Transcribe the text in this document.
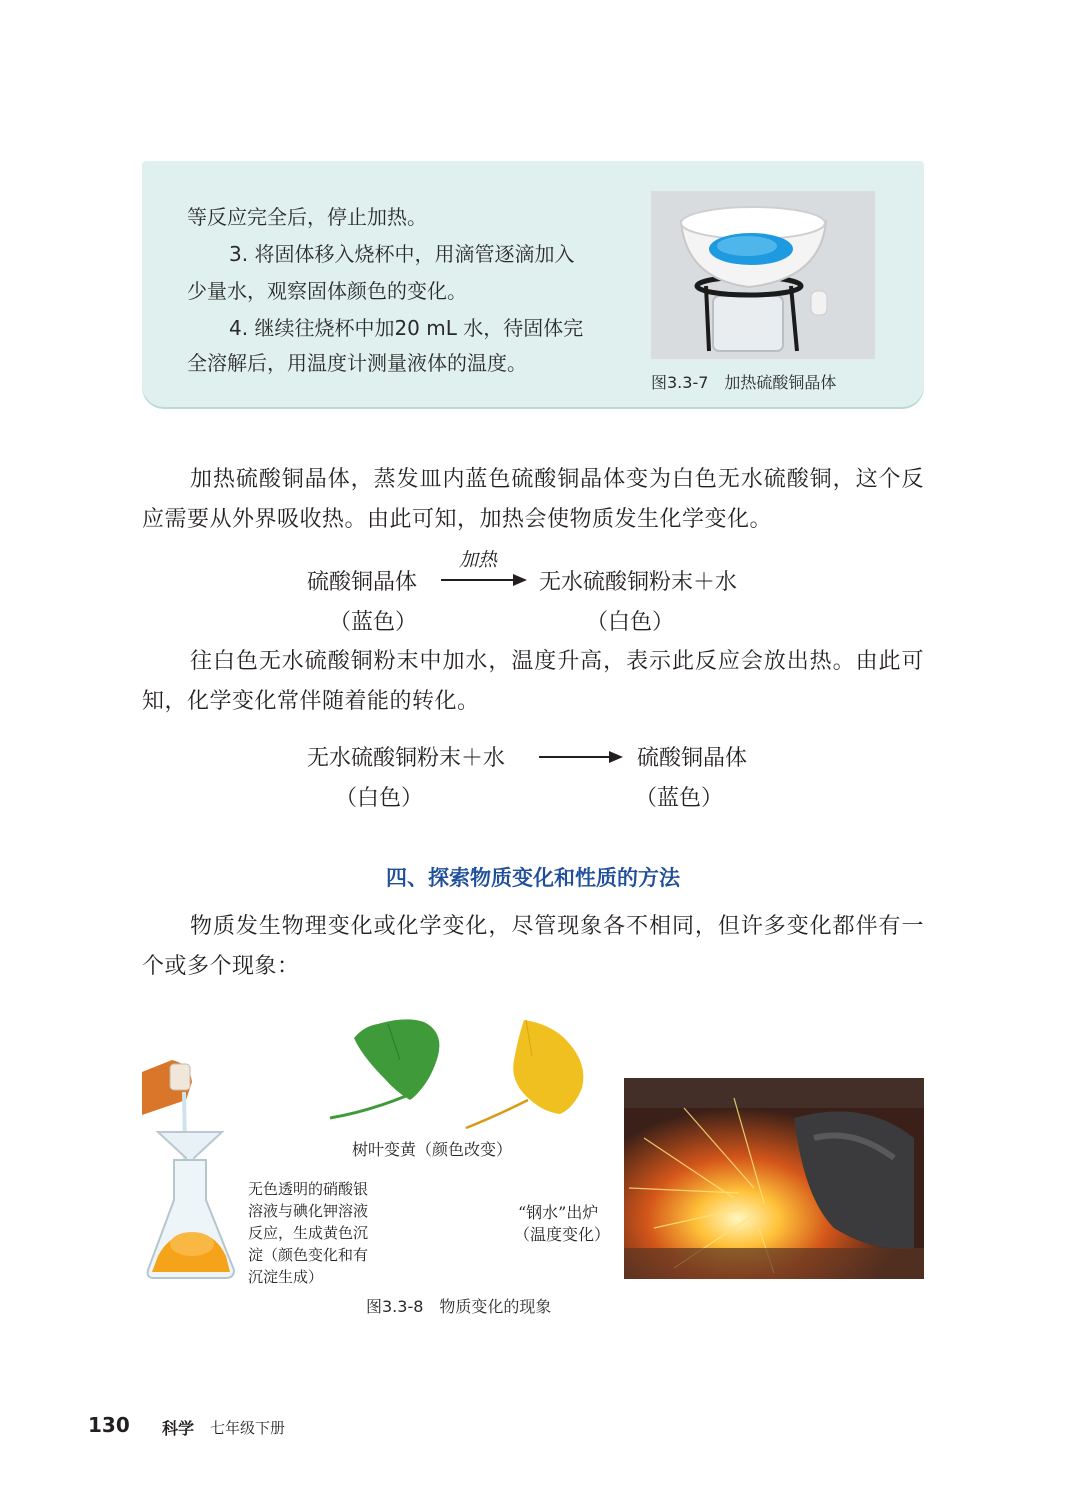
等反应完全后，停止加热。
3. 将固体移入烧杯中，用滴管逐滴加入
少量水，观察固体颜色的变化。
4. 继续往烧杯中加20 mL 水，待固体完
全溶解后，用温度计测量液体的温度。
图3.3-7　加热硫酸铜晶体
加热硫酸铜晶体，蒸发皿内蓝色硫酸铜晶体变为白色无水硫酸铜，这个反应需要从外界吸收热。由此可知，加热会使物质发生化学变化。
硫酸铜晶体
加热
无水硫酸铜粉末＋水
（蓝色）	（白色）
往白色无水硫酸铜粉末中加水，温度升高，表示此反应会放出热。由此可知，化学变化常伴随着能的转化。
无水硫酸铜粉末＋水	硫酸铜晶体
（白色）	（蓝色）
四、探索物质变化和性质的方法
物质发生物理变化或化学变化，尽管现象各不相同，但许多变化都伴有一个或多个现象：
无色透明的硝酸银
溶液与碘化钾溶液
反应，生成黄色沉
淀（颜色变化和有
沉淀生成）
树叶变黄（颜色改变）
“钢水”出炉
（温度变化）
图3.3-8　物质变化的现象
130 科学 七年级下册
